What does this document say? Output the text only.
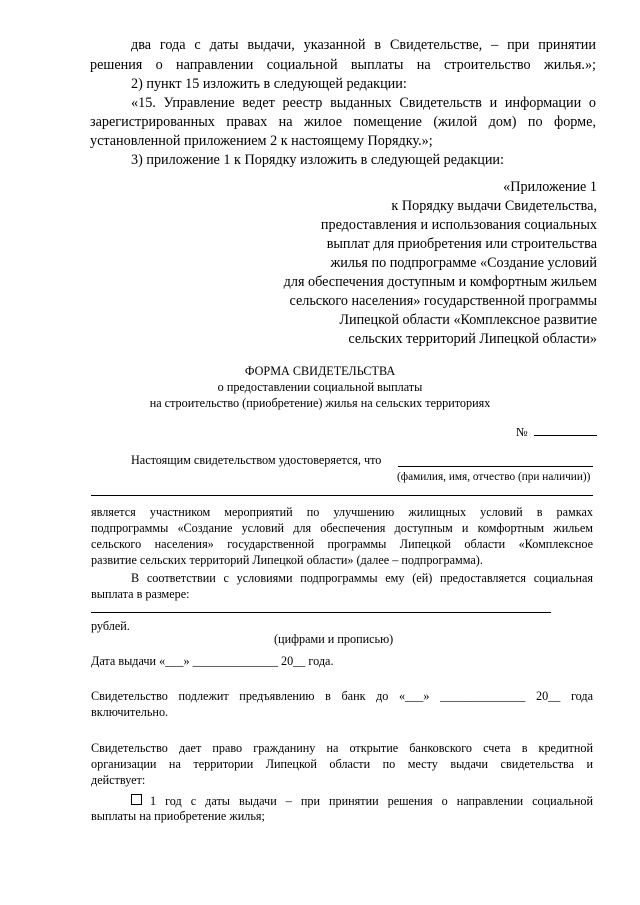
два года с даты выдачи, указанной в Свидетельстве, – при принятии
решения о направлении социальной выплаты на строительство жилья.»;
2) пункт 15 изложить в следующей редакции:
«15. Управление ведет реестр выданных Свидетельств и информации о
зарегистрированных правах на жилое помещение (жилой дом) по форме,
установленной приложением 2 к настоящему Порядку.»;
3) приложение 1 к Порядку изложить в следующей редакции:
«Приложение 1
к Порядку выдачи Свидетельства,
предоставления и использования социальных
выплат для приобретения или строительства
жилья по подпрограмме «Создание условий
для обеспечения доступным и комфортным жильем
сельского населения» государственной программы
Липецкой области «Комплексное развитие
сельских территорий Липецкой области»
ФОРМА СВИДЕТЕЛЬСТВА
о предоставлении социальной выплаты
на строительство (приобретение) жилья на сельских территориях
№
Настоящим свидетельством удостоверяется, что
(фамилия, имя, отчество (при наличии))
является участником мероприятий по улучшению жилищных условий в рамках
подпрограммы «Создание условий для обеспечения доступным и комфортным жильем
сельского населения» государственной программы Липецкой области «Комплексное
развитие сельских территорий Липецкой области» (далее – подпрограмма).
В соответствии с условиями подпрограммы ему (ей) предоставляется социальная
выплата в размере:
рублей.
(цифрами и прописью)
Дата выдачи «___» ______________ 20__ года.
Свидетельство подлежит предъявлению в банк до «___» ______________ 20__ года
включительно.
Свидетельство дает право гражданину на открытие банковского счета в кредитной
организации на территории Липецкой области по месту выдачи свидетельства и
действует:
1 год с даты выдачи – при принятии решения о направлении социальной
выплаты на приобретение жилья;
